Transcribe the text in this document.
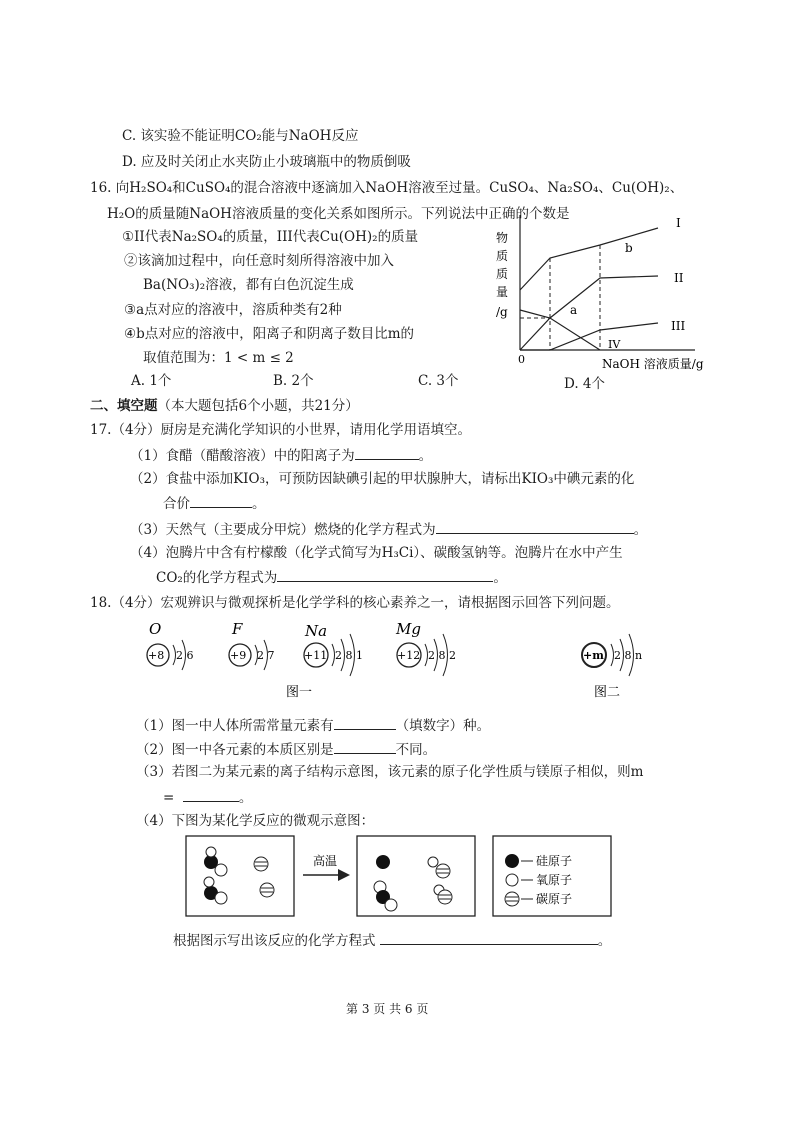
C. 该实验不能证明CO₂能与NaOH反应
D. 应及时关闭止水夹防止小玻璃瓶中的物质倒吸
16. 向H₂SO₄和CuSO₄的混合溶液中逐滴加入NaOH溶液至过量。CuSO₄、Na₂SO₄、Cu(OH)₂、
H₂O的质量随NaOH溶液质量的变化关系如图所示。下列说法中正确的个数是
①II代表Na₂SO₄的质量，III代表Cu(OH)₂的质量
②该滴加过程中，向任意时刻所得溶液中加入
Ba(NO₃)₂溶液，都有白色沉淀生成
③a点对应的溶液中，溶质种类有2种
④b点对应的溶液中，阳离子和阴离子数目比m的
取值范围为：1 < m ≤ 2
A. 1个	B. 2个	C. 3个	D. 4个
物
质
质
量
/g
0	NaOH 溶液质量/g
I
II
III
IV
a
b
二、填空题（本大题包括6个小题，共21分）
17.（4分）厨房是充满化学知识的小世界，请用化学用语填空。
（1）食醋（醋酸溶液）中的阳离子为	。
（2）食盐中添加KIO₃，可预防因缺碘引起的甲状腺肿大，请标出KIO₃中碘元素的化
合价	。
（3）天然气（主要成分甲烷）燃烧的化学方程式为	。
（4）泡腾片中含有柠檬酸（化学式简写为H₃Ci）、碳酸氢钠等。泡腾片在水中产生
CO₂的化学方程式为	。
18.（4分）宏观辨识与微观探析是化学学科的核心素养之一，请根据图示回答下列问题。
O
+8 2 6
F
+9 2 7
Na
+11 2 8 1
Mg
+12 2 8 2
图一
+m 2 8 n
图二
（1）图一中人体所需常量元素有	（填数字）种。
（2）图一中各元素的本质区别是	不同。
（3）若图二为某元素的离子结构示意图，该元素的原子化学性质与镁原子相似，则m
=	。
（4）下图为某化学反应的微观示意图：
高温	硅原子
氧原子
碳原子
根据图示写出该反应的化学方程式	。
第 3 页 共 6 页
